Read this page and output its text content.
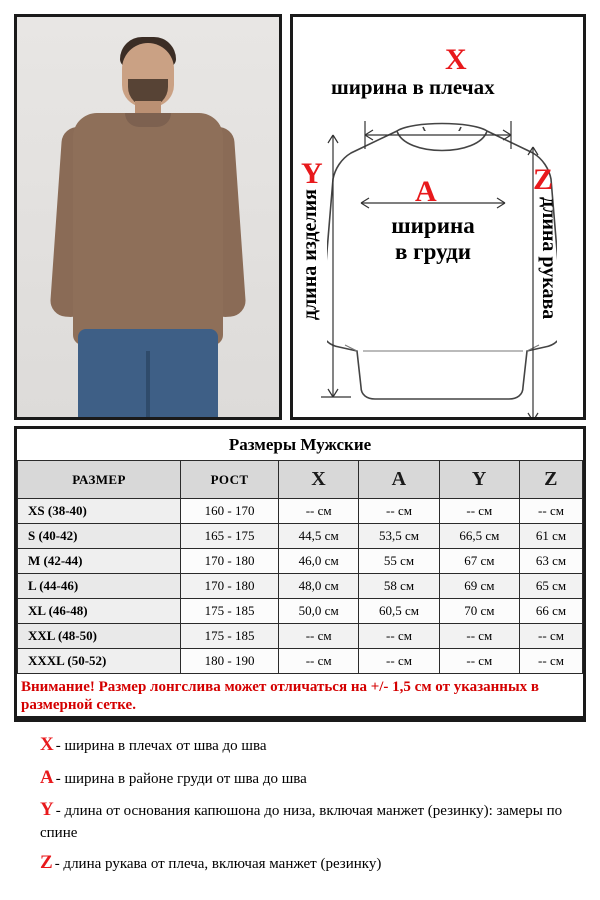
X
ширина в плечах
Y
длина изделия
Z
длина рукава
A
ширина
в груди
Размеры Мужские
РАЗМЕР	РОСТ	X	A	Y	Z
XS (38-40)	160 - 170	-- см	-- см	-- см	-- см
S (40-42)	165 - 175	44,5 см	53,5 см	66,5 см	61 см
M (42-44)	170 - 180	46,0 см	55 см	67 см	63 см
L (44-46)	170 - 180	48,0 см	58 см	69 см	65 см
XL (46-48)	175 - 185	50,0 см	60,5 см	70 см	66 см
XXL (48-50)	175 - 185	-- см	-- см	-- см	-- см
XXXL (50-52)	180 - 190	-- см	-- см	-- см	-- см
Внимание! Размер лонгслива может отличаться на +/- 1,5 см от указанных в размерной сетке.
X - ширина в плечах от шва до шва
A - ширина в районе груди от шва до шва
Y - длина от основания капюшона до низа, включая манжет (резинку): замеры по спине
Z - длина рукава от плеча, включая манжет (резинку)
